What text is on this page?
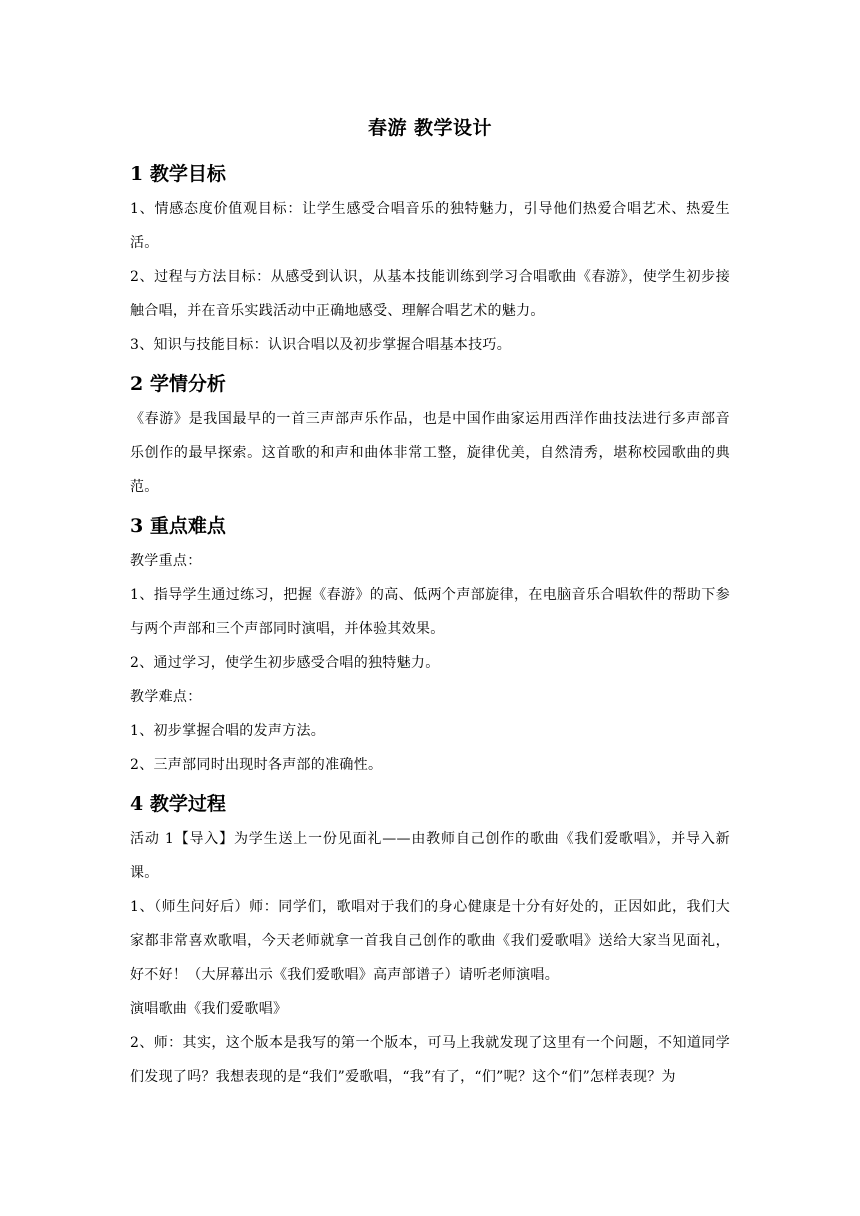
春游 教学设计
1 教学目标

1、情感态度价值观目标：让学生感受合唱音乐的独特魅力，引导他们热爱合唱艺术、热爱生活。

2、过程与方法目标：从感受到认识，从基本技能训练到学习合唱歌曲《春游》，使学生初步接触合唱，并在音乐实践活动中正确地感受、理解合唱艺术的魅力。

3、知识与技能目标：认识合唱以及初步掌握合唱基本技巧。

2 学情分析

《春游》是我国最早的一首三声部声乐作品，也是中国作曲家运用西洋作曲技法进行多声部音乐创作的最早探索。这首歌的和声和曲体非常工整，旋律优美，自然清秀，堪称校园歌曲的典范。

3 重点难点

教学重点：

1、指导学生通过练习，把握《春游》的高、低两个声部旋律，在电脑音乐合唱软件的帮助下参与两个声部和三个声部同时演唱，并体验其效果。

2、通过学习，使学生初步感受合唱的独特魅力。

教学难点：

1、初步掌握合唱的发声方法。

2、三声部同时出现时各声部的准确性。

4 教学过程

活动 1【导入】为学生送上一份见面礼——由教师自己创作的歌曲《我们爱歌唱》，并导入新课。

1、（师生问好后）师：同学们，歌唱对于我们的身心健康是十分有好处的，正因如此，我们大家都非常喜欢歌唱，今天老师就拿一首我自己创作的歌曲《我们爱歌唱》送给大家当见面礼，好不好！（大屏幕出示《我们爱歌唱》高声部谱子）请听老师演唱。

演唱歌曲《我们爱歌唱》

2、师：其实，这个版本是我写的第一个版本，可马上我就发现了这里有一个问题，不知道同学们发现了吗？我想表现的是“我们”爱歌唱，“我”有了，“们”呢？这个“们”怎样表现？为
